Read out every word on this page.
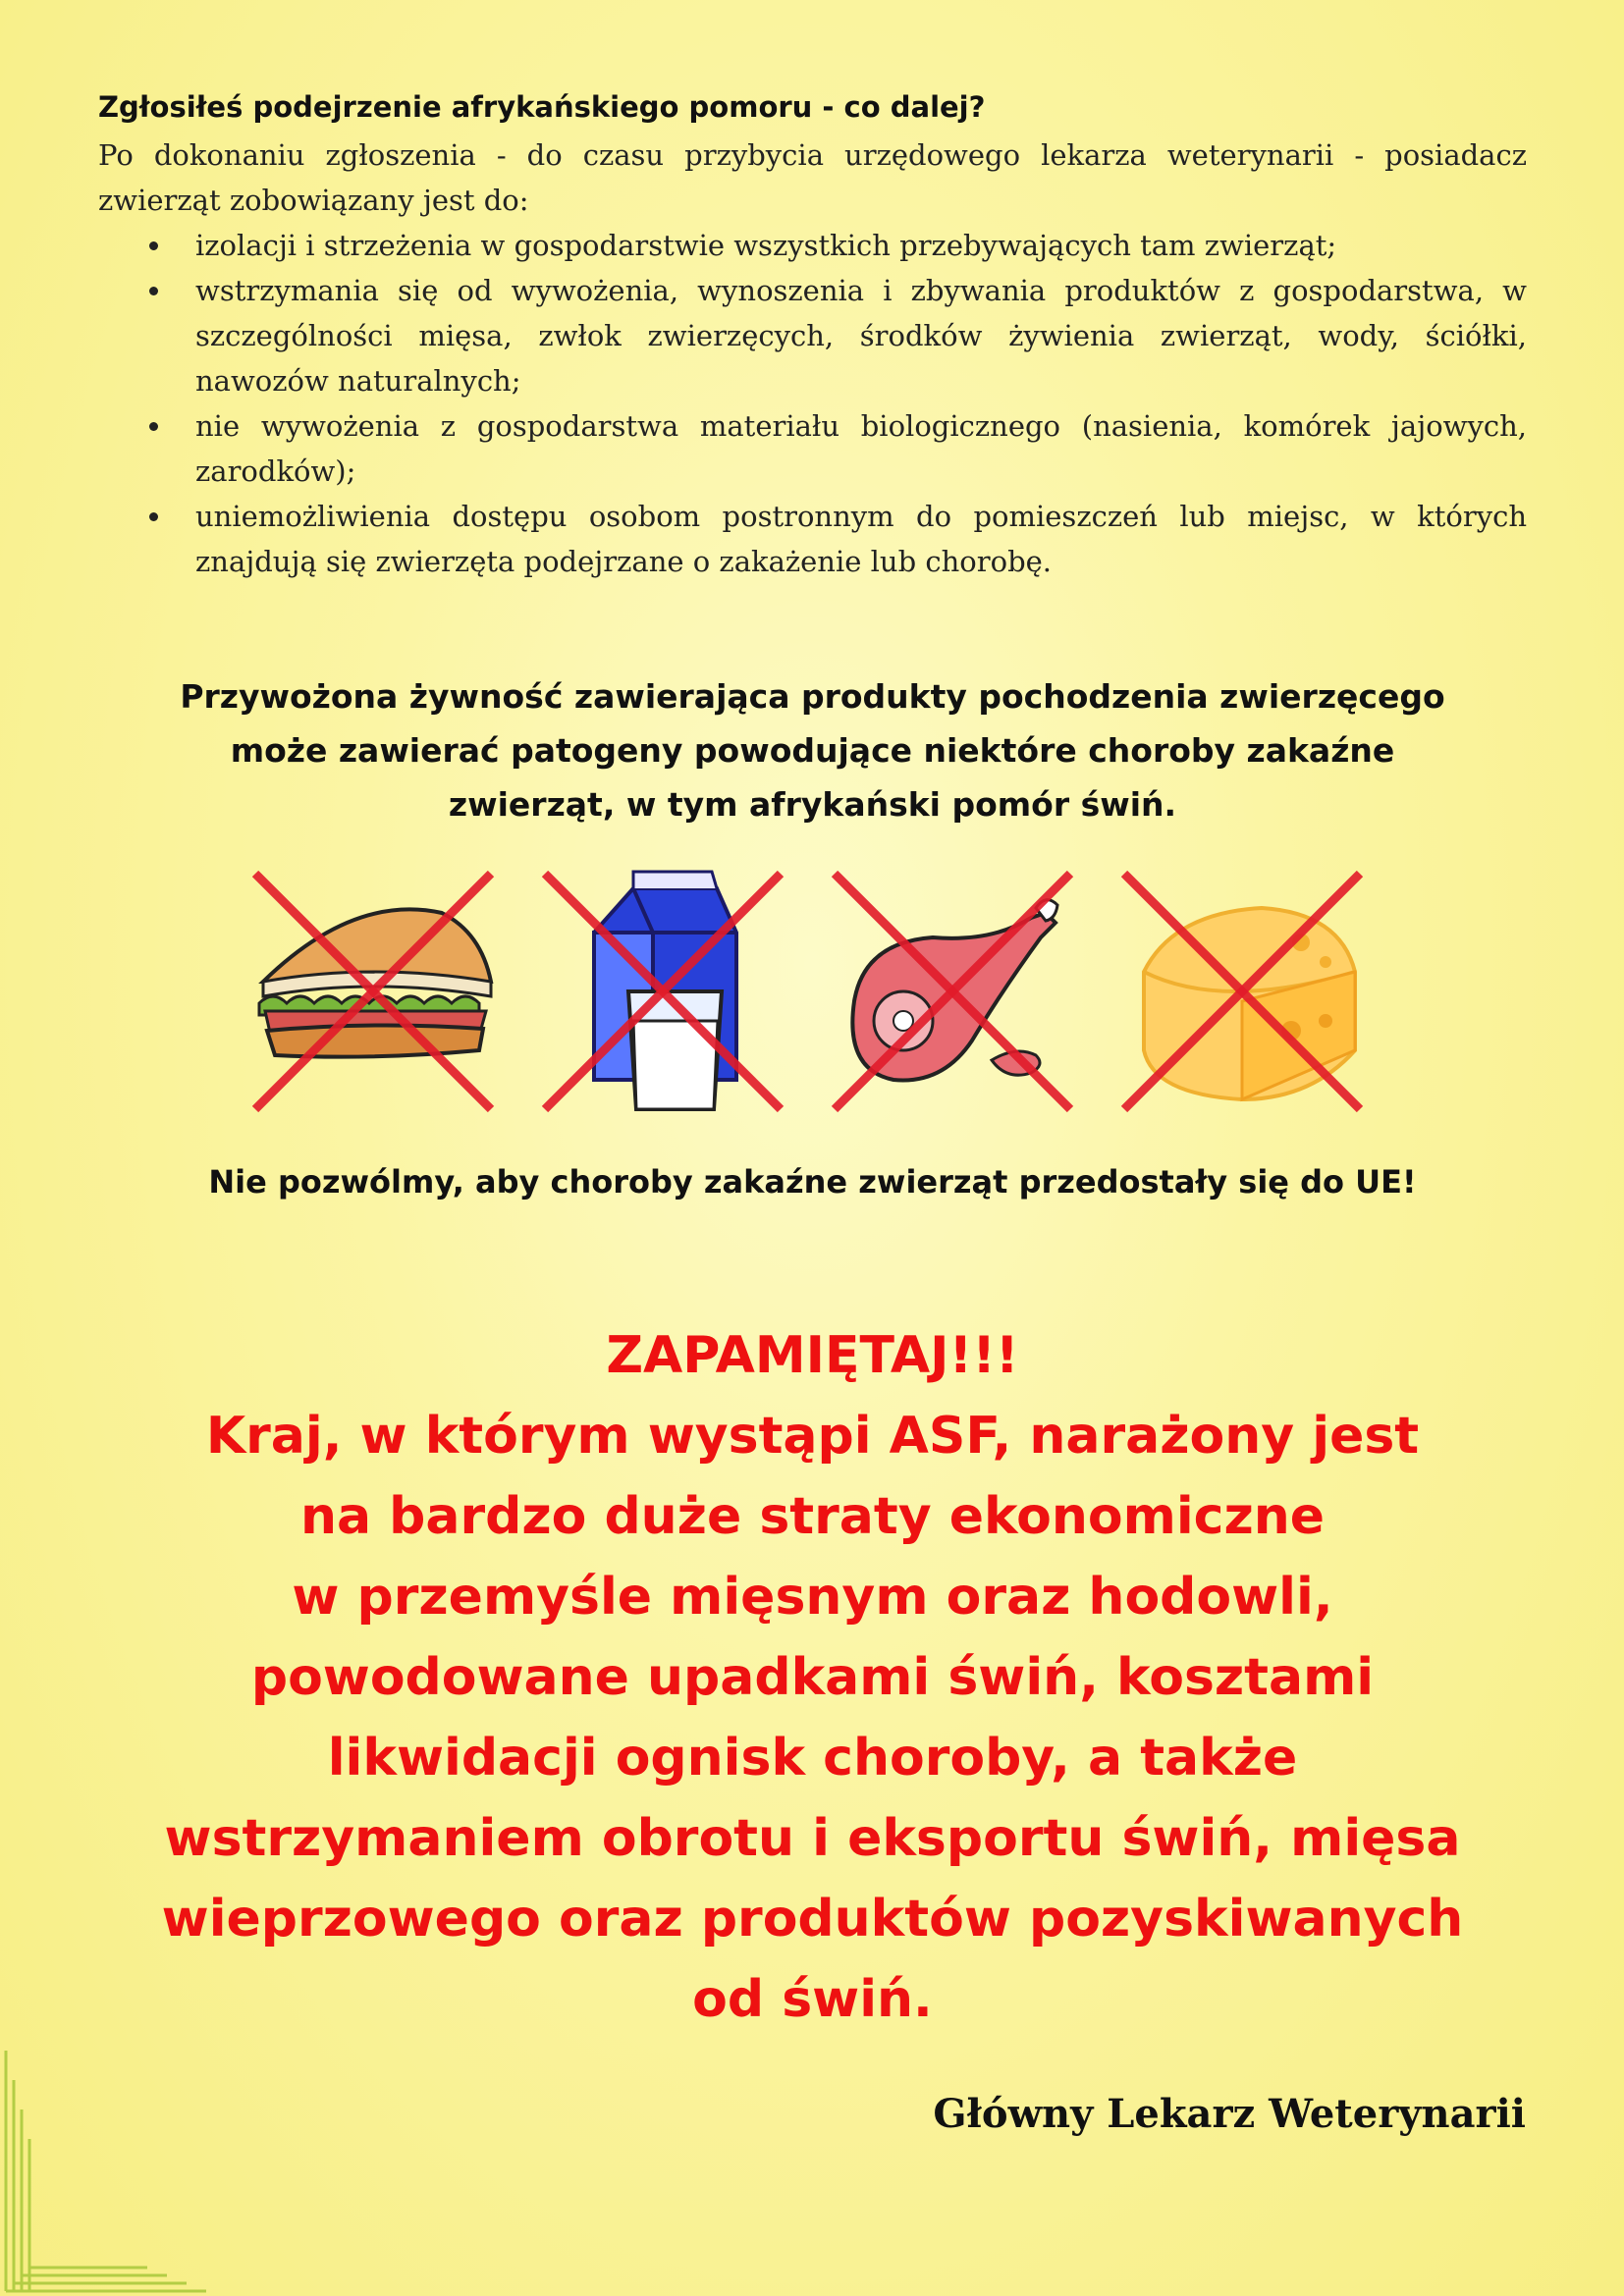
Zgłosiłeś podejrzenie afrykańskiego pomoru - co dalej?
Po dokonaniu zgłoszenia - do czasu przybycia urzędowego lekarza weterynarii - posiadacz zwierząt zobowiązany jest do:
izolacji i strzeżenia w gospodarstwie wszystkich przebywających tam zwierząt;
wstrzymania się od wywożenia, wynoszenia i zbywania produktów z gospodarstwa, w szczególności mięsa, zwłok zwierzęcych, środków żywienia zwierząt, wody, ściółki, nawozów naturalnych;
nie wywożenia z gospodarstwa materiału biologicznego (nasienia, komórek jajowych, zarodków);
uniemożliwienia dostępu osobom postronnym do pomieszczeń lub miejsc, w których znajdują się zwierzęta podejrzane o zakażenie lub chorobę.
Przywożona żywność zawierająca produkty pochodzenia zwierzęcego
może zawierać patogeny powodujące niektóre choroby zakaźne
zwierząt, w tym afrykański pomór świń.
Nie pozwólmy, aby choroby zakaźne zwierząt przedostały się do UE!
ZAPAMIĘTAJ!!!
Kraj, w którym wystąpi ASF, narażony jest
na bardzo duże straty ekonomiczne
w przemyśle mięsnym oraz hodowli,
powodowane upadkami świń, kosztami
likwidacji ognisk choroby, a także
wstrzymaniem obrotu i eksportu świń, mięsa
wieprzowego oraz produktów pozyskiwanych
od świń.
Główny Lekarz Weterynarii
